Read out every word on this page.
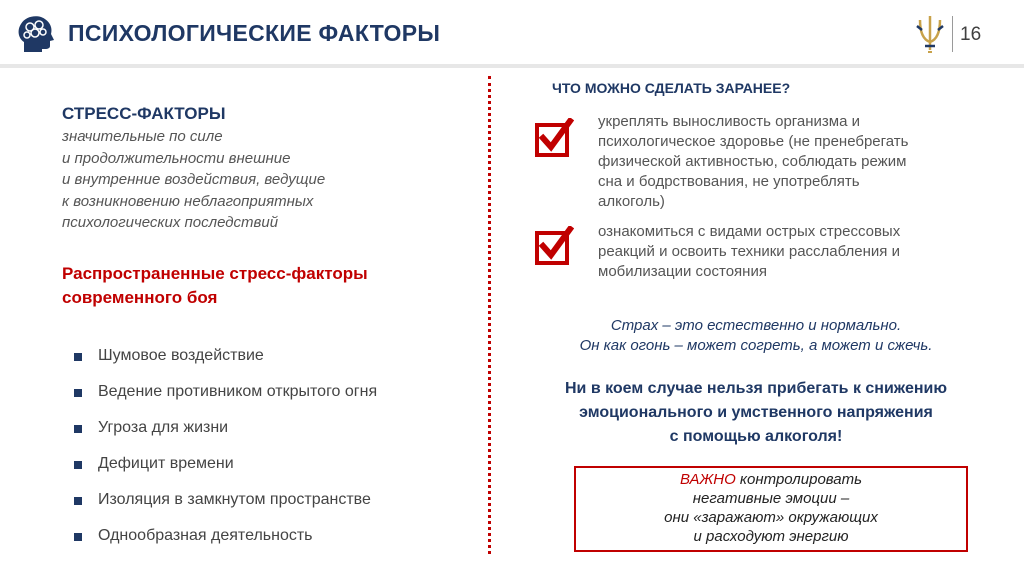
ПСИХОЛОГИЧЕСКИЕ ФАКТОРЫ	16
СТРЕСС-ФАКТОРЫ
значительные по силе
и продолжительности внешние
и внутренние воздействия, ведущие
к возникновению неблагоприятных
психологических последствий
Распространенные стресс-факторы
современного боя
Шумовое воздействие
Ведение противником открытого огня
Угроза для жизни
Дефицит времени
Изоляция в замкнутом пространстве
Однообразная деятельность
ЧТО МОЖНО СДЕЛАТЬ ЗАРАНЕЕ?
укреплять выносливость организма и
психологическое здоровье (не пренебрегать
физической активностью, соблюдать режим
сна и бодрствования, не употреблять
алкоголь)
ознакомиться с видами острых стрессовых
реакций и освоить техники расслабления и
мобилизации состояния
Страх – это естественно и нормально.
Он как огонь – может согреть, а может и сжечь.
Ни в коем случае нельзя прибегать к снижению
эмоционального и умственного напряжения
с помощью алкоголя!
ВАЖНО контролировать
негативные эмоции –
они «заражают» окружающих
и расходуют энергию
